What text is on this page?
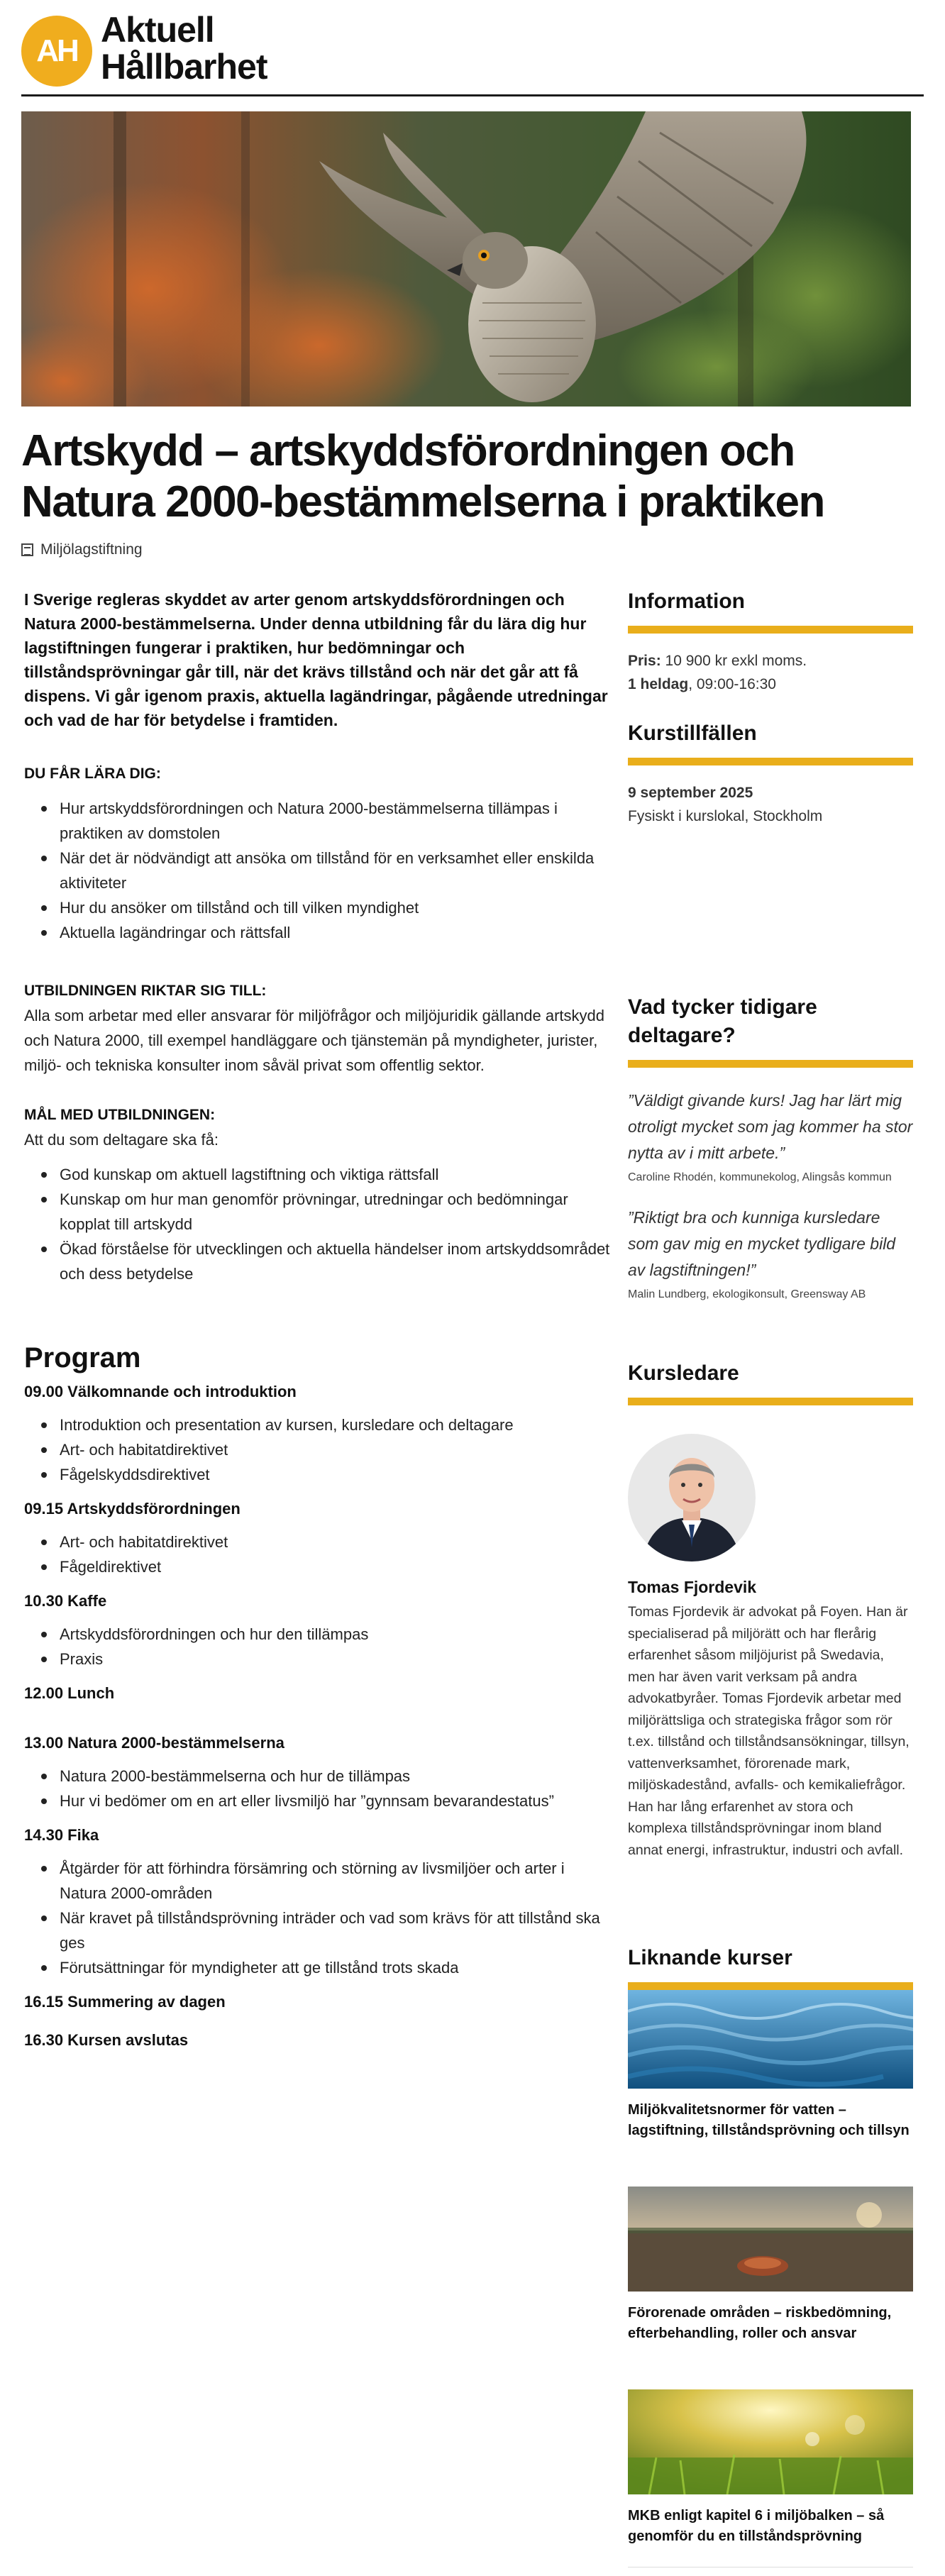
AH
Aktuell
Hållbarhet
Artskydd – artskyddsförordningen och Natura 2000-bestämmelserna i praktiken
Miljölagstiftning

I Sverige regleras skyddet av arter genom artskyddsförordningen och Natura 2000-bestämmelserna. Under denna utbildning får du lära dig hur lagstiftningen fungerar i praktiken, hur bedömningar och tillståndsprövningar går till, när det krävs tillstånd och när det går att få dispens. Vi går igenom praxis, aktuella lagändringar, pågående utredningar och vad de har för betydelse i framtiden.

DU FÅR LÄRA DIG:
Hur artskyddsförordningen och Natura 2000-bestämmelserna tillämpas i praktiken av domstolen
När det är nödvändigt att ansöka om tillstånd för en verksamhet eller enskilda aktiviteter
Hur du ansöker om tillstånd och till vilken myndighet
Aktuella lagändringar och rättsfall
UTBILDNINGEN RIKTAR SIG TILL:

Alla som arbetar med eller ansvarar för miljöfrågor och miljöjuridik gällande artskydd och Natura 2000, till exempel handläggare och tjänstemän på myndigheter, jurister, miljö- och tekniska konsulter inom såväl privat som offentlig sektor.

MÅL MED UTBILDNINGEN:

Att du som deltagare ska få:

God kunskap om aktuell lagstiftning och viktiga rättsfall
Kunskap om hur man genomför prövningar, utredningar och bedömningar kopplat till artskydd
Ökad förståelse för utvecklingen och aktuella händelser inom artskyddsområdet och dess betydelse
Program
09.00 Välkomnande och introduktion
Introduktion och presentation av kursen, kursledare och deltagare
Art- och habitatdirektivet
Fågelskyddsdirektivet
09.15 Artskyddsförordningen
Art- och habitatdirektivet
Fågeldirektivet
10.30 Kaffe
Artskyddsförordningen och hur den tillämpas
Praxis
12.00 Lunch
13.00 Natura 2000-bestämmelserna
Natura 2000-bestämmelserna och hur de tillämpas
Hur vi bedömer om en art eller livsmiljö har ”gynnsam bevarandestatus”
14.30 Fika
Åtgärder för att förhindra försämring och störning av livsmiljöer och arter i Natura 2000-områden
När kravet på tillståndsprövning inträder och vad som krävs för att tillstånd ska ges
Förutsättningar för myndigheter att ge tillstånd trots skada
16.15 Summering av dagen
16.30 Kursen avslutas
Information
Pris: 10 900 kr exkl moms.
1 heldag, 09:00-16:30
Kurstillfällen
9 september 2025
Fysiskt i kurslokal, Stockholm
Vad tycker tidigare deltagare?

”Väldigt givande kurs! Jag har lärt mig otroligt mycket som jag kommer ha stor nytta av i mitt arbete.”

Caroline Rhodén, kommunekolog, Alingsås kommun

”Riktigt bra och kunniga kursledare som gav mig en mycket tydligare bild av lagstiftningen!”

Malin Lundberg, ekologikonsult, Greensway AB

Kursledare
Tomas Fjordevik

Tomas Fjordevik är advokat på Foyen. Han är specialiserad på miljörätt och har flerårig erfarenhet såsom miljöjurist på Swedavia, men har även varit verksam på andra advokatbyråer. Tomas Fjordevik arbetar med miljörättsliga och strategiska frågor som rör t.ex. tillstånd och tillståndsansökningar, tillsyn, vattenverksamhet, förorenade mark, miljöskadestånd, avfalls- och kemikaliefrågor. Han har lång erfarenhet av stora och komplexa tillståndsprövningar inom bland annat energi, infrastruktur, industri och avfall.

Liknande kurser
Miljökvalitetsnormer för vatten – lagstiftning, tillståndsprövning och tillsyn
Förorenade områden – riskbedömning, efterbehandling, roller och ansvar
MKB enligt kapitel 6 i miljöbalken – så genomför du en tillståndsprövning
